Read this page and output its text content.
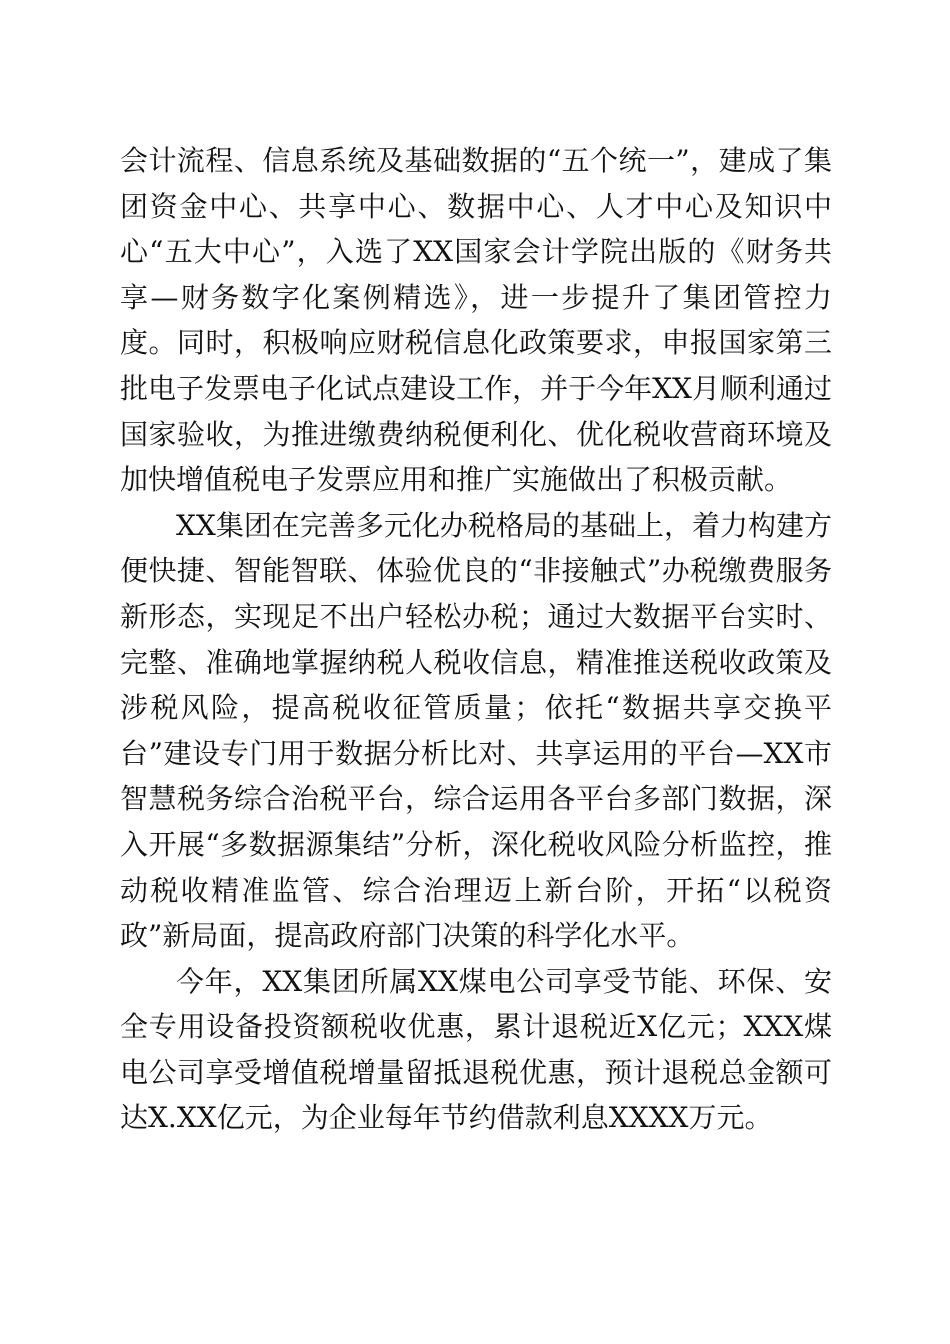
会计流程、信息系统及基础数据的“五个统一”，建成了集团资金中心、共享中心、数据中心、人才中心及知识中心“五大中心”，入选了XX国家会计学院出版的《财务共享—财务数字化案例精选》，进一步提升了集团管控力度。同时，积极响应财税信息化政策要求，申报国家第三批电子发票电子化试点建设工作，并于今年XX月顺利通过国家验收，为推进缴费纳税便利化、优化税收营商环境及加快增值税电子发票应用和推广实施做出了积极贡献。

XX集团在完善多元化办税格局的基础上，着力构建方便快捷、智能智联、体验优良的“非接触式”办税缴费服务新形态，实现足不出户轻松办税；通过大数据平台实时、完整、准确地掌握纳税人税收信息，精准推送税收政策及涉税风险，提高税收征管质量；依托“数据共享交换平台”建设专门用于数据分析比对、共享运用的平台—XX市智慧税务综合治税平台，综合运用各平台多部门数据，深入开展“多数据源集结”分析，深化税收风险分析监控，推动税收精准监管、综合治理迈上新台阶，开拓“以税资政”新局面，提高政府部门决策的科学化水平。

今年，XX集团所属XX煤电公司享受节能、环保、安全专用设备投资额税收优惠，累计退税近X亿元；XXX煤电公司享受增值税增量留抵退税优惠，预计退税总金额可达X.XX亿元，为企业每年节约借款利息XXXX万元。
